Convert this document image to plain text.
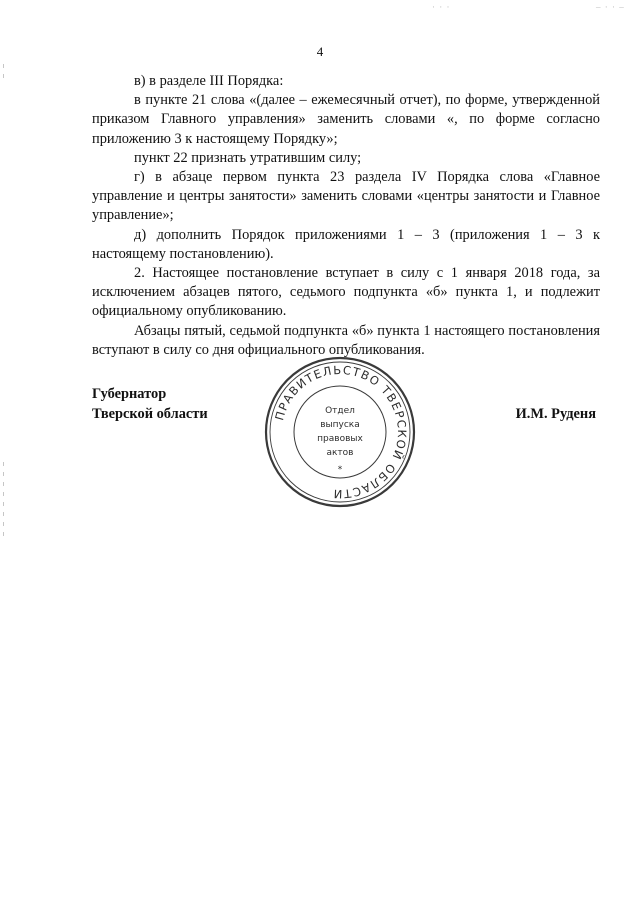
· · ·	– · · –
4

в) в разделе III Порядка:

в пункте 21 слова «(далее – ежемесячный отчет), по форме, утвержденной приказом Главного управления» заменить словами «, по форме согласно приложению 3 к настоящему Порядку»;

пункт 22 признать утратившим силу;

г) в абзаце первом пункта 23 раздела IV Порядка слова «Главное управление и центры занятости» заменить словами «центры занятости и Главное управление»;

д) дополнить Порядок приложениями 1 – 3 (приложения 1 – 3 к настоящему постановлению).

2. Настоящее постановление вступает в силу с 1 января 2018 года, за исключением абзацев пятого, седьмого подпункта «б» пункта 1, и подлежит официальному опубликованию.

Абзацы пятый, седьмой подпункта «б» пункта 1 настоящего постановления вступают в силу со дня официального опубликования.

Губернатор
Тверской области	И.М. Руденя
ПРАВИТЕЛЬСТВО ТВЕРСКОЙ ОБЛАСТИ
Отдел
выпуска
правовых
актов
*
